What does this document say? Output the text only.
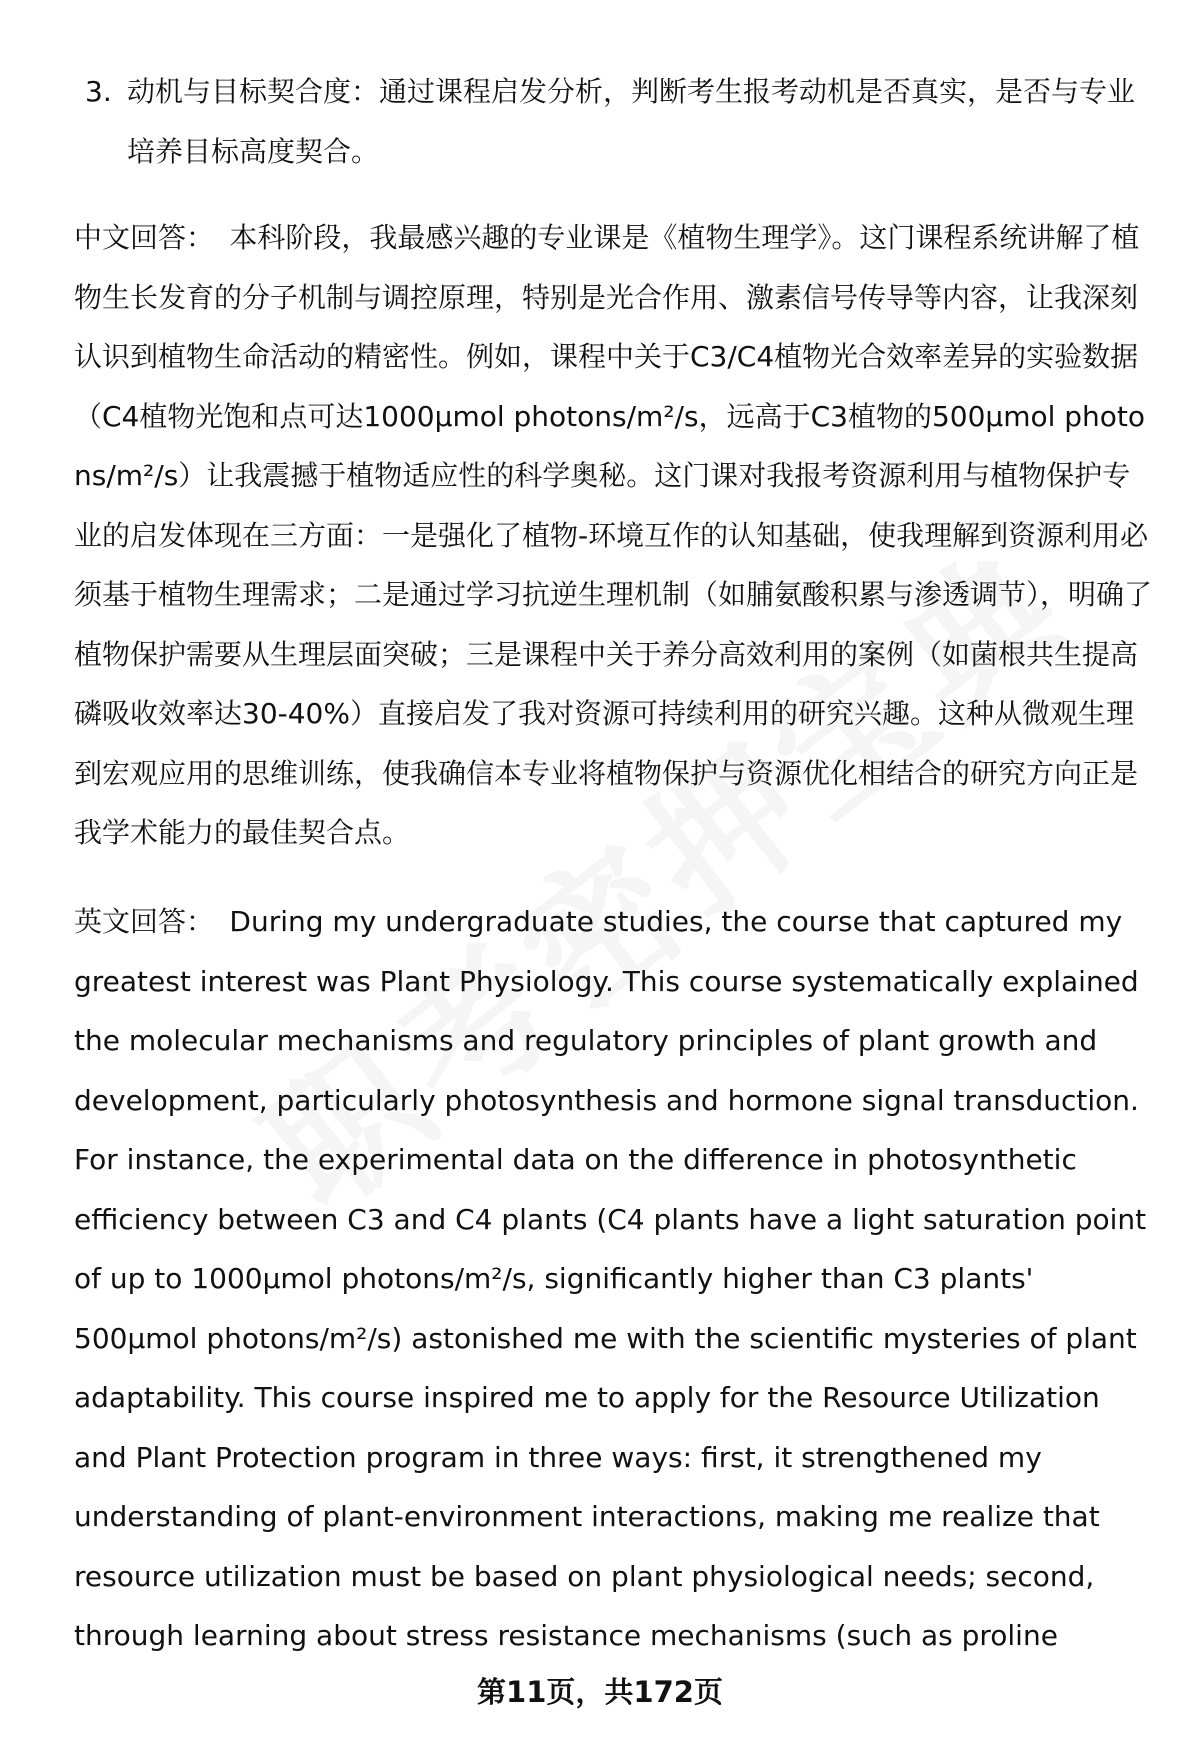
3. 动机与目标契合度：通过课程启发分析，判断考生报考动机是否真实，是否与专业培养目标高度契合。
中文回答： 本科阶段，我最感兴趣的专业课是《植物生理学》。这门课程系统讲解了植物生长发育的分子机制与调控原理，特别是光合作用、激素信号传导等内容，让我深刻认识到植物生命活动的精密性。例如，课程中关于C3/C4植物光合效率差异的实验数据（C4植物光饱和点可达1000μmol photons/m²/s，远高于C3植物的500μmol photons/m²/s）让我震撼于植物适应性的科学奥秘。这门课对我报考资源利用与植物保护专业的启发体现在三方面：一是强化了植物-环境互作的认知基础，使我理解到资源利用必须基于植物生理需求；二是通过学习抗逆生理机制（如脯氨酸积累与渗透调节），明确了植物保护需要从生理层面突破；三是课程中关于养分高效利用的案例（如菌根共生提高磷吸收效率达30-40%）直接启发了我对资源可持续利用的研究兴趣。这种从微观生理到宏观应用的思维训练，使我确信本专业将植物保护与资源优化相结合的研究方向正是我学术能力的最佳契合点。
英文回答： During my undergraduate studies, the course that captured my greatest interest was Plant Physiology. This course systematically explained the molecular mechanisms and regulatory principles of plant growth and development, particularly photosynthesis and hormone signal transduction. For instance, the experimental data on the difference in photosynthetic efficiency between C3 and C4 plants (C4 plants have a light saturation point of up to 1000μmol photons/m²/s, significantly higher than C3 plants' 500μmol photons/m²/s) astonished me with the scientific mysteries of plant adaptability. This course inspired me to apply for the Resource Utilization and Plant Protection program in three ways: first, it strengthened my understanding of plant-environment interactions, making me realize that resource utilization must be based on plant physiological needs; second, through learning about stress resistance mechanisms (such as proline
第11页，共172页
